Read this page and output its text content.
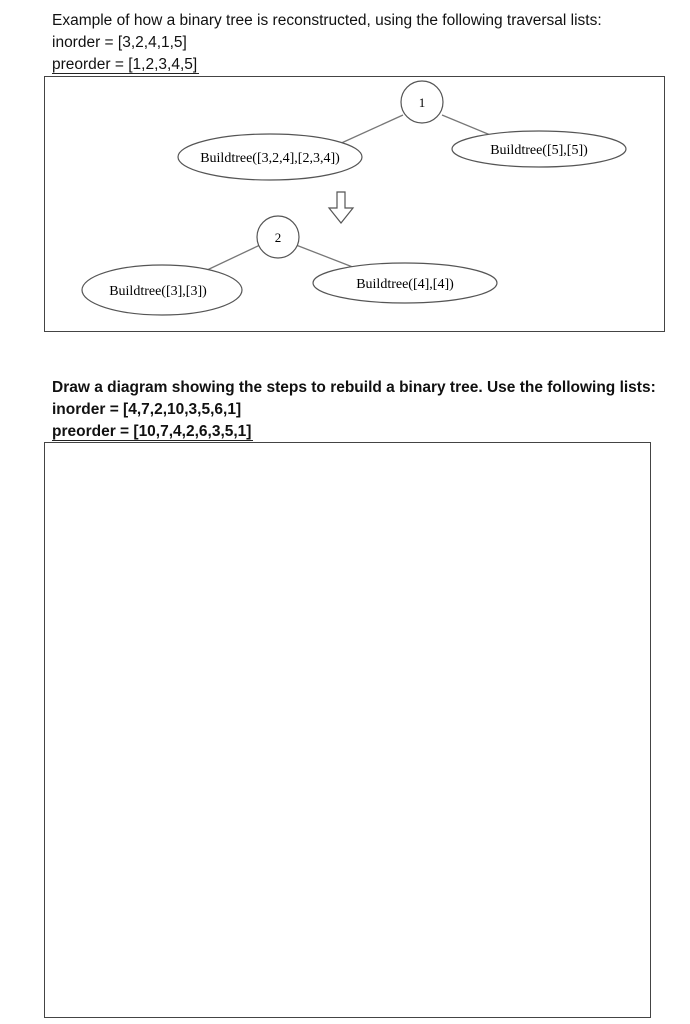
Example of how a binary tree is reconstructed, using the following traversal lists:
inorder = [3,2,4,1,5]
preorder = [1,2,3,4,5]
1
Buildtree([3,2,4],[2,3,4])
Buildtree([5],[5])
2
Buildtree([3],[3])	Buildtree([4],[4])
Draw a diagram showing the steps to rebuild a binary tree. Use the following lists:
inorder = [4,7,2,10,3,5,6,1]
preorder = [10,7,4,2,6,3,5,1]
